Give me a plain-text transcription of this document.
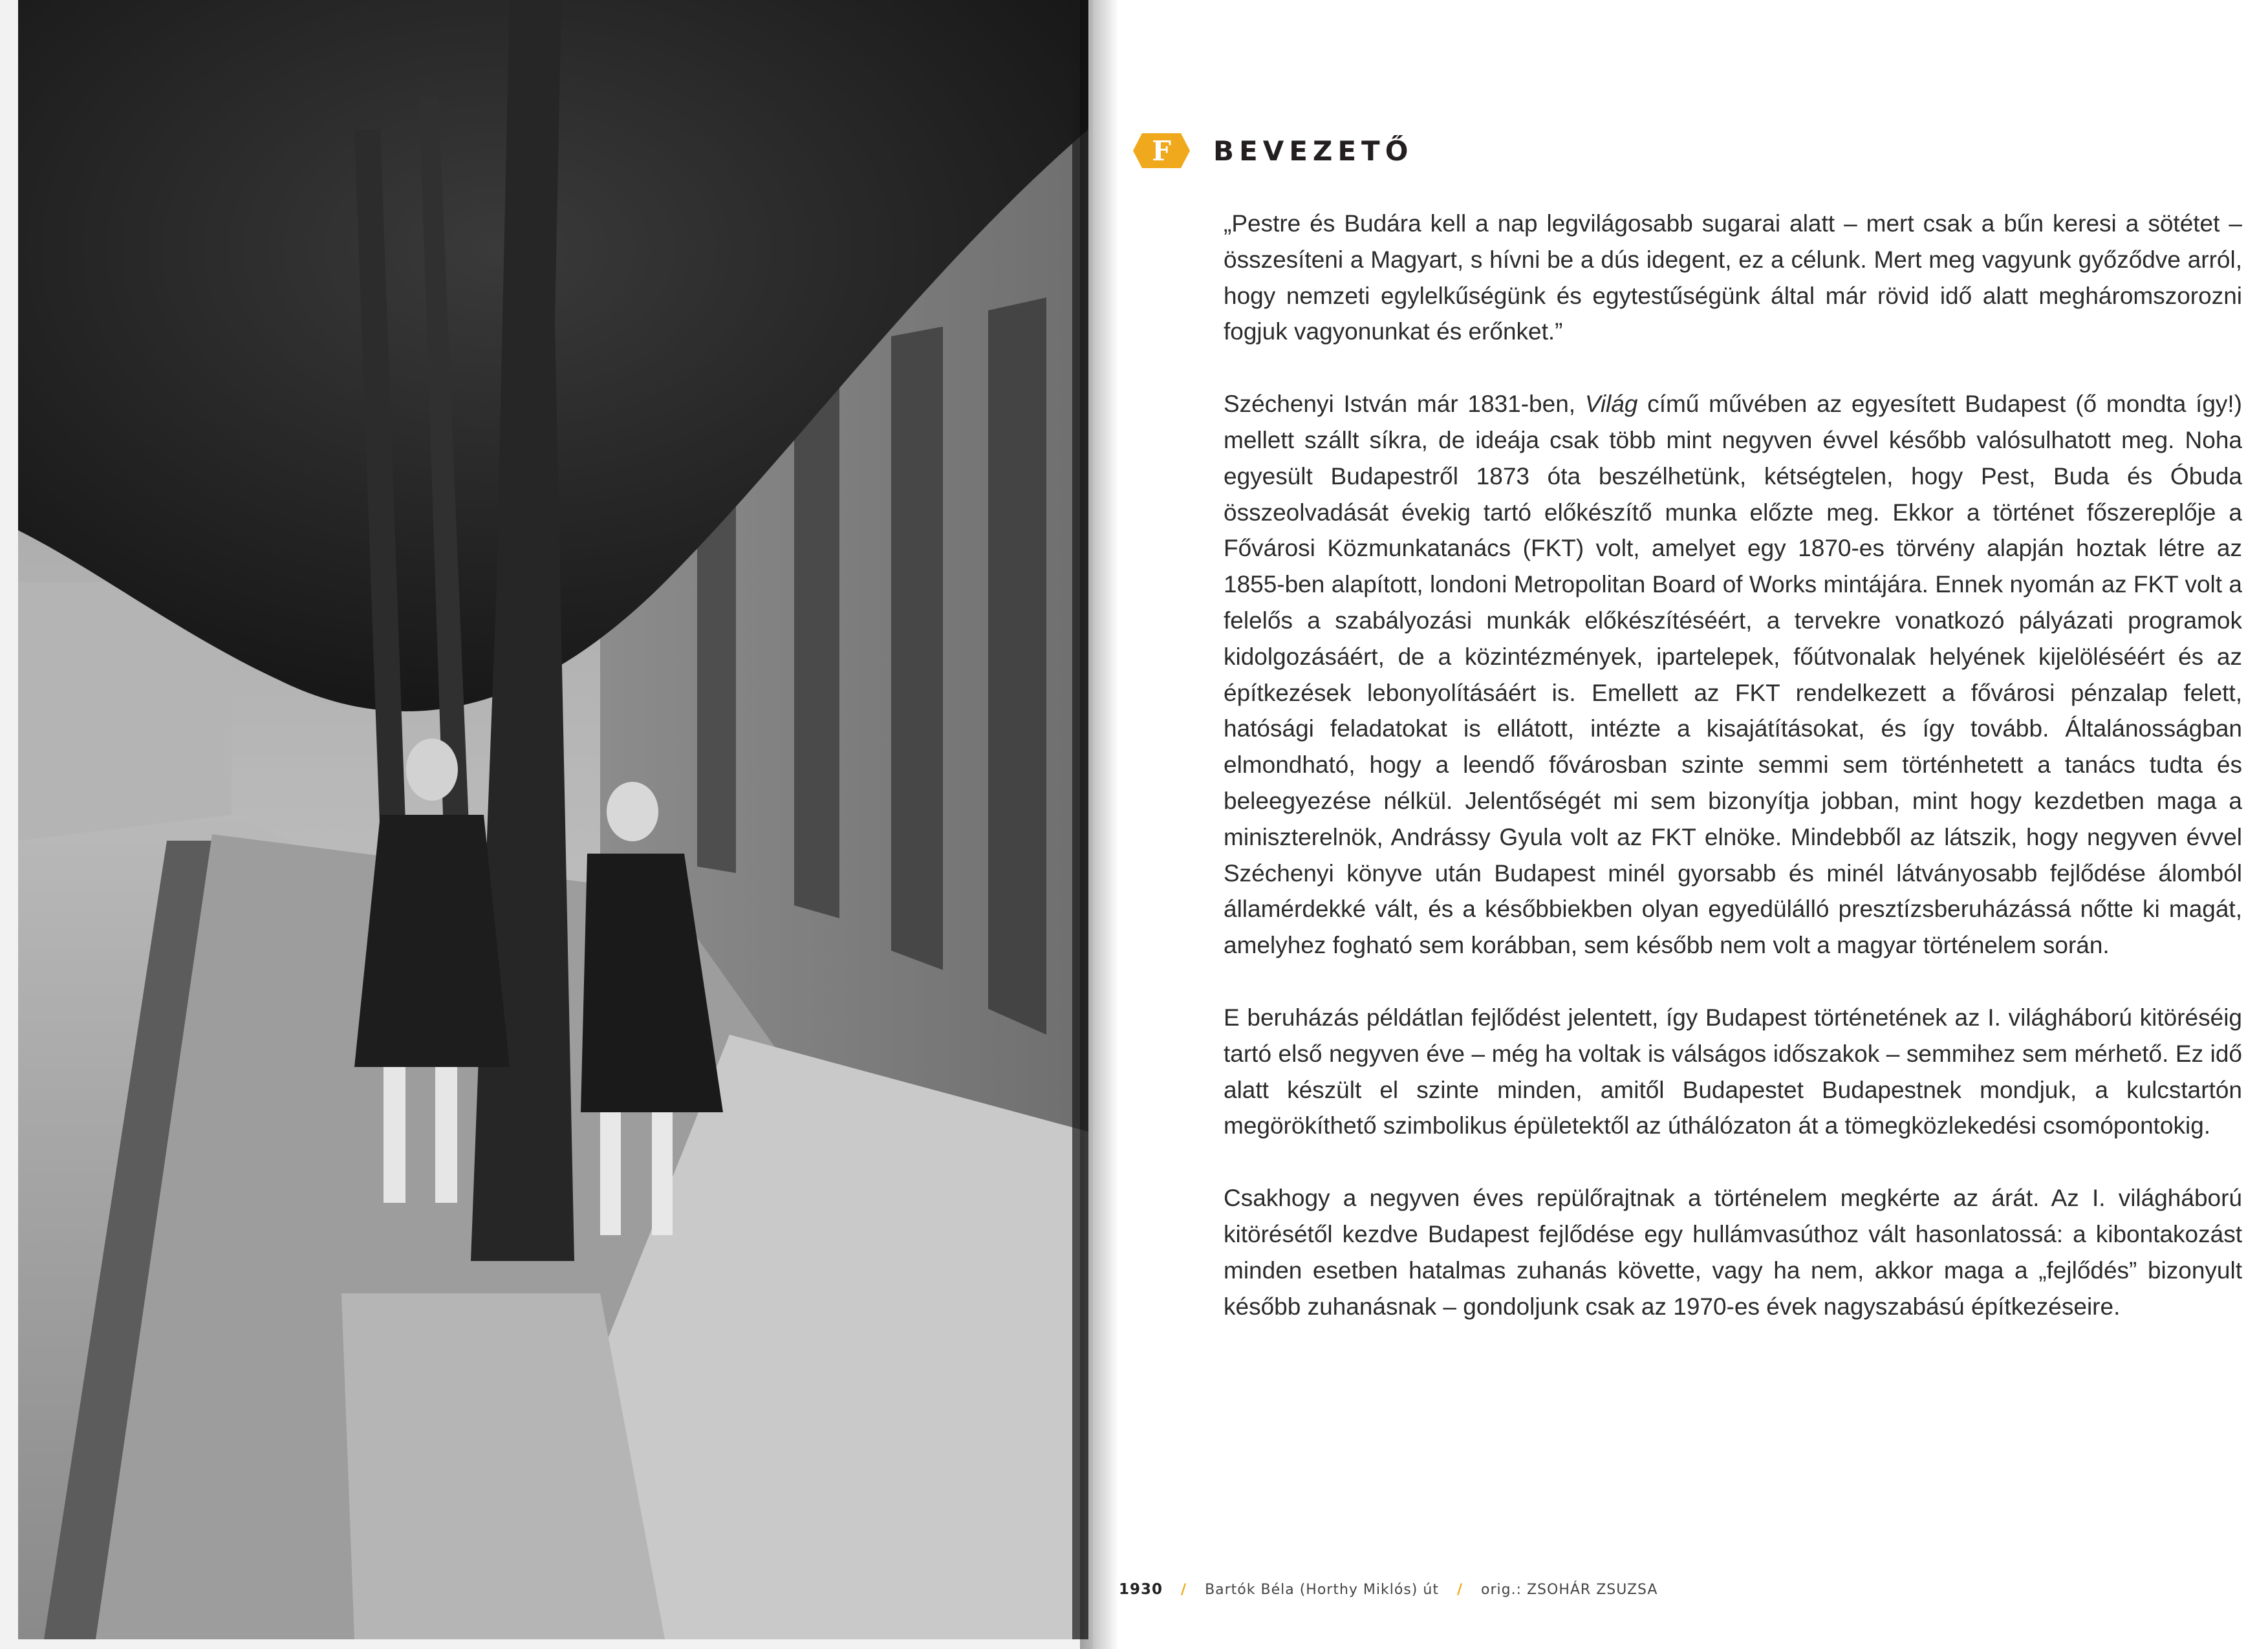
F BEVEZETŐ

„Pestre és Budára kell a nap legvilágosabb sugarai alatt – mert csak a bűn keresi a sötétet – összesíteni a Magyart, s hívni be a dús idegent, ez a célunk. Mert meg vagyunk győződve arról, hogy nemzeti egylelkűségünk és egytestűségünk által már rövid idő alatt megháromszorozni fogjuk vagyonunkat és erőnket.”

Széchenyi István már 1831-ben, Világ című művében az egyesített Budapest (ő mondta így!) mellett szállt síkra, de ideája csak több mint negyven évvel később valósulhatott meg. Noha egyesült Budapestről 1873 óta beszélhetünk, kétségtelen, hogy Pest, Buda és Óbuda összeolvadását évekig tartó előkészítő munka előzte meg. Ekkor a történet főszereplője a Fővárosi Közmunkatanács (FKT) volt, amelyet egy 1870-es törvény alapján hoztak létre az 1855-ben alapított, londoni Metropolitan Board of Works mintájára. Ennek nyomán az FKT volt a felelős a szabályozási munkák előkészítéséért, a tervekre vonatkozó pályázati programok kidolgozásáért, de a közintézmények, ipartelepek, főútvonalak helyének kijelöléséért és az építkezések lebonyolításáért is. Emellett az FKT rendelkezett a fővárosi pénzalap felett, hatósági feladatokat is ellátott, intézte a kisajátításokat, és így tovább. Általánosságban elmondható, hogy a leendő fővárosban szinte semmi sem történhetett a tanács tudta és beleegyezése nélkül. Jelentőségét mi sem bizonyítja jobban, mint hogy kezdetben maga a miniszterelnök, Andrássy Gyula volt az FKT elnöke. Mindebből az látszik, hogy negyven évvel Széchenyi könyve után Budapest minél gyorsabb és minél látványosabb fejlődése álomból államérdekké vált, és a későbbiekben olyan egyedülálló presztízsberuházássá nőtte ki magát, amelyhez fogható sem korábban, sem később nem volt a magyar történelem során.

E beruházás példátlan fejlődést jelentett, így Budapest történetének az I. világháború kitöréséig tartó első negyven éve – még ha voltak is válságos időszakok – semmihez sem mérhető. Ez idő alatt készült el szinte minden, amitől Budapestet Budapestnek mondjuk, a kulcstartón megörökíthető szimbolikus épületektől az úthálózaton át a tömegközlekedési csomópontokig.

Csakhogy a negyven éves repülőrajtnak a történelem megkérte az árát. Az I. világháború kitörésétől kezdve Budapest fejlődése egy hullámvasúthoz vált hasonlatossá: a kibontakozást minden esetben hatalmas zuhanás követte, vagy ha nem, akkor maga a „fejlődés” bizonyult később zuhanásnak – gondoljunk csak az 1970-es évek nagyszabású építkezéseire.

1930 / Bartók Béla (Horthy Miklós) út / orig.: ZSOHÁR ZSUZSA
